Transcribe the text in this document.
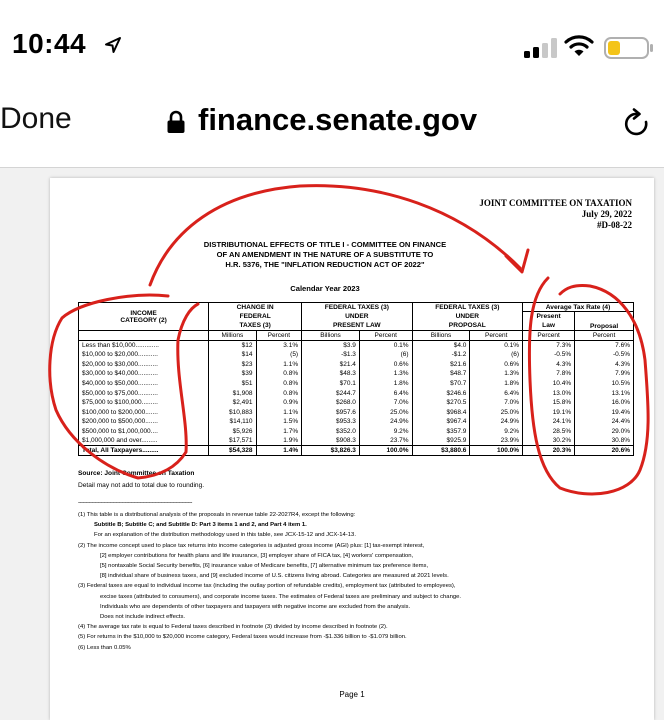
10:44
Done	finance.senate.gov
JOINT COMMITTEE ON TAXATION
July 29, 2022
#D-08-22
DISTRIBUTIONAL EFFECTS OF TITLE I - COMMITTEE ON FINANCE
OF AN AMENDMENT IN THE NATURE OF A SUBSTITUTE TO
H.R. 5376, THE "INFLATION REDUCTION ACT OF 2022"
Calendar Year 2023
INCOME
CATEGORY (2)	CHANGE IN		FEDERAL TAXES (3)		FEDERAL TAXES (3)		Average Tax Rate (4)	
	FEDERAL		UNDER		UNDER		Present	Proposal
	TAXES (3)		PRESENT LAW		PROPOSAL		Law	
	Millions	Percent	Billions	Percent	Billions	Percent	Percent	Percent
Less than $10,000.............	$12	3.1%	$3.9	0.1%	$4.0	0.1%	7.3%	7.6%
$10,000 to $20,000...........	$14	(5)	-$1.3	(6)	-$1.2	(6)	-0.5%	-0.5%
$20,000 to $30,000...........	$23	1.1%	$21.4	0.6%	$21.6	0.6%	4.3%	4.3%
$30,000 to $40,000...........	$39	0.8%	$48.3	1.3%	$48.7	1.3%	7.8%	7.9%
$40,000 to $50,000...........	$51	0.8%	$70.1	1.8%	$70.7	1.8%	10.4%	10.5%
$50,000 to $75,000...........	$1,908	0.8%	$244.7	6.4%	$246.6	6.4%	13.0%	13.1%
$75,000 to $100,000.........	$2,491	0.9%	$268.0	7.0%	$270.5	7.0%	15.8%	16.0%
$100,000 to $200,000.......	$10,883	1.1%	$957.6	25.0%	$968.4	25.0%	19.1%	19.4%
$200,000 to $500,000.......	$14,110	1.5%	$953.3	24.9%	$967.4	24.9%	24.1%	24.4%
$500,000 to $1,000,000....	$5,926	1.7%	$352.0	9.2%	$357.9	9.2%	28.5%	29.0%
$1,000,000 and over.........	$17,571	1.9%	$908.3	23.7%	$925.9	23.9%	30.2%	30.8%
Total, All Taxpayers.........	$54,328	1.4%	$3,826.3	100.0%	$3,880.6	100.0%	20.3%	20.6%
Source: Joint Committee on Taxation
Detail may not add to total due to rounding.
----------------------------------------------------------------------------
(1) This table is a distributional analysis of the proposals in revenue table 22-2027R4, except the following:
Subtitle B; Subtitle C; and Subtitle D: Part 3 items 1 and 2, and Part 4 item 1.
For an explanation of the distribution methodology used in this table, see JCX-15-12 and JCX-14-13.
(2) The income concept used to place tax returns into income categories is adjusted gross income (AGI) plus: [1] tax-exempt interest,
[2] employer contributions for health plans and life insurance, [3] employer share of FICA tax, [4] workers' compensation,
[5] nontaxable Social Security benefits, [6] insurance value of Medicare benefits, [7] alternative minimum tax preference items,
[8] individual share of business taxes, and [9] excluded income of U.S. citizens living abroad. Categories are measured at 2021 levels.
(3) Federal taxes are equal to individual income tax (including the outlay portion of refundable credits), employment tax (attributed to employees),
excise taxes (attributed to consumers), and corporate income taxes. The estimates of Federal taxes are preliminary and subject to change.
Individuals who are dependents of other taxpayers and taxpayers with negative income are excluded from the analysis.
Does not include indirect effects.
(4) The average tax rate is equal to Federal taxes described in footnote (3) divided by income described in footnote (2).
(5) For returns in the $10,000 to $20,000 income category, Federal taxes would increase from -$1.336 billion to -$1.079 billion.
(6) Less than 0.05%
Page 1
